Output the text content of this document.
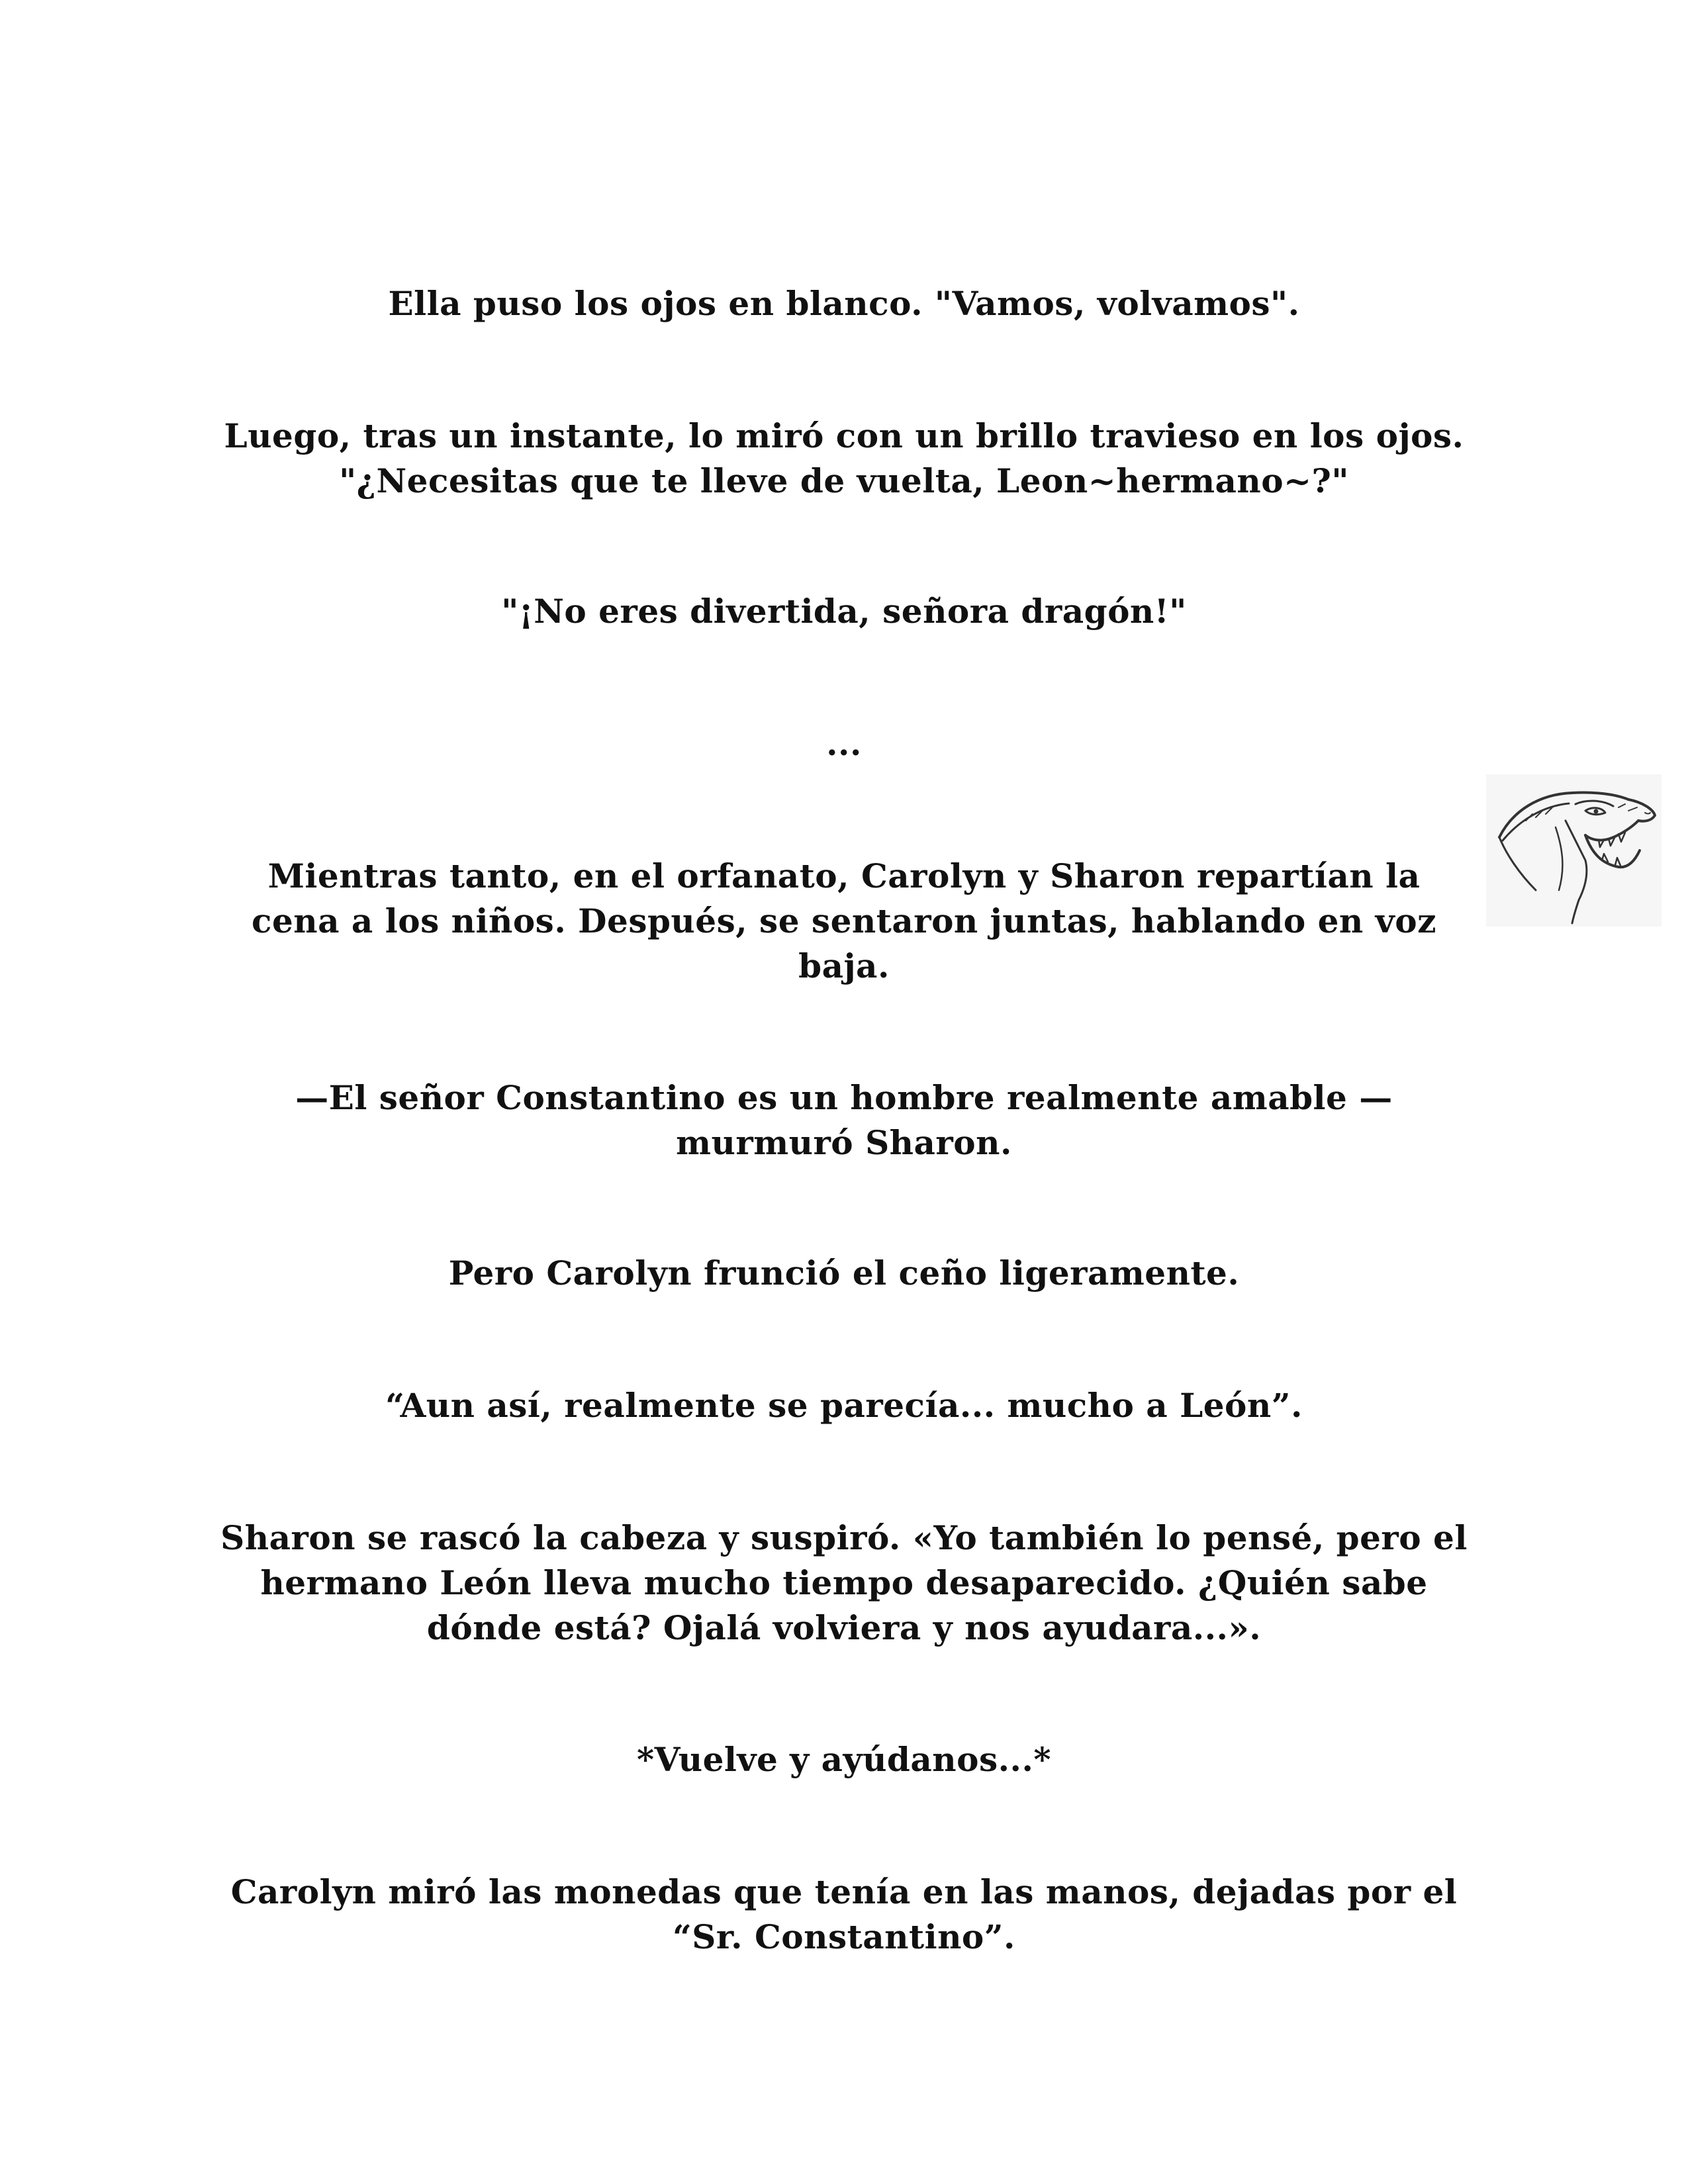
Ella puso los ojos en blanco. "Vamos, volvamos".

Luego, tras un instante, lo miró con un brillo travieso en los ojos. "¿Necesitas que te lleve de vuelta, Leon~hermano~?"

"¡No eres divertida, señora dragón!"

...

Mientras tanto, en el orfanato, Carolyn y Sharon repartían la cena a los niños. Después, se sentaron juntas, hablando en voz baja.

—El señor Constantino es un hombre realmente amable —murmuró Sharon.

Pero Carolyn frunció el ceño ligeramente.

“Aun así, realmente se parecía... mucho a León”.

Sharon se rascó la cabeza y suspiró. «Yo también lo pensé, pero el hermano León lleva mucho tiempo desaparecido. ¿Quién sabe dónde está? Ojalá volviera y nos ayudara...».

*Vuelve y ayúdanos...*

Carolyn miró las monedas que tenía en las manos, dejadas por el “Sr. Constantino”.
